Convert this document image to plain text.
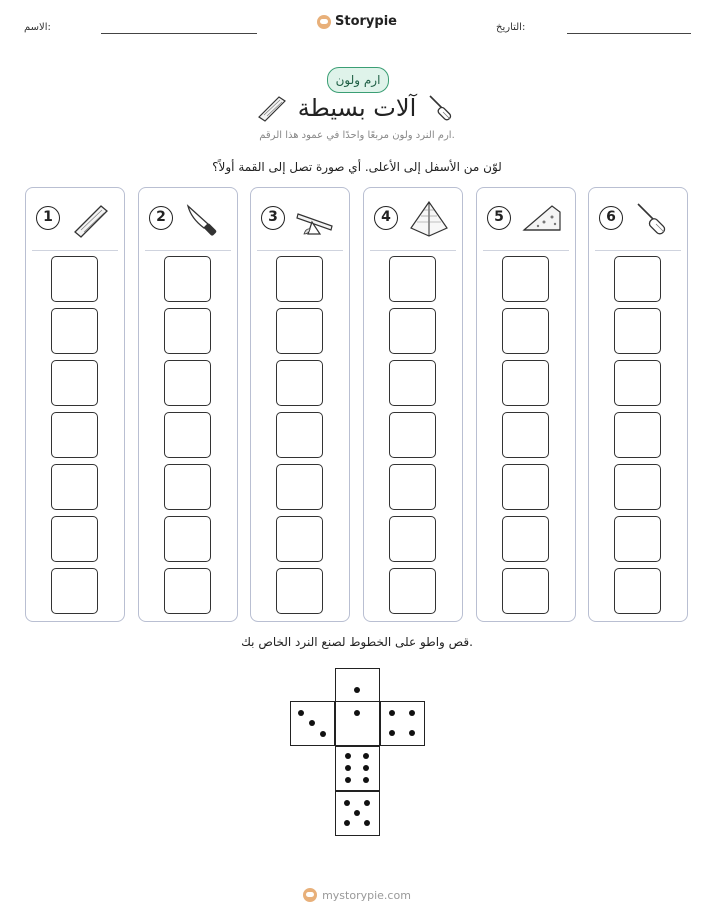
التاريخ:
الاسم:	Storypie
ارم ولون
آلات بسيطة
ارم النرد ولون مربعًا واحدًا في عمود هذا الرقم.
لوّن من الأسفل إلى الأعلى. أي صورة تصل إلى القمة أولاً؟
1	2	3	4	5	6
قص واطو على الخطوط لصنع النرد الخاص بك.
mystorypie.com
